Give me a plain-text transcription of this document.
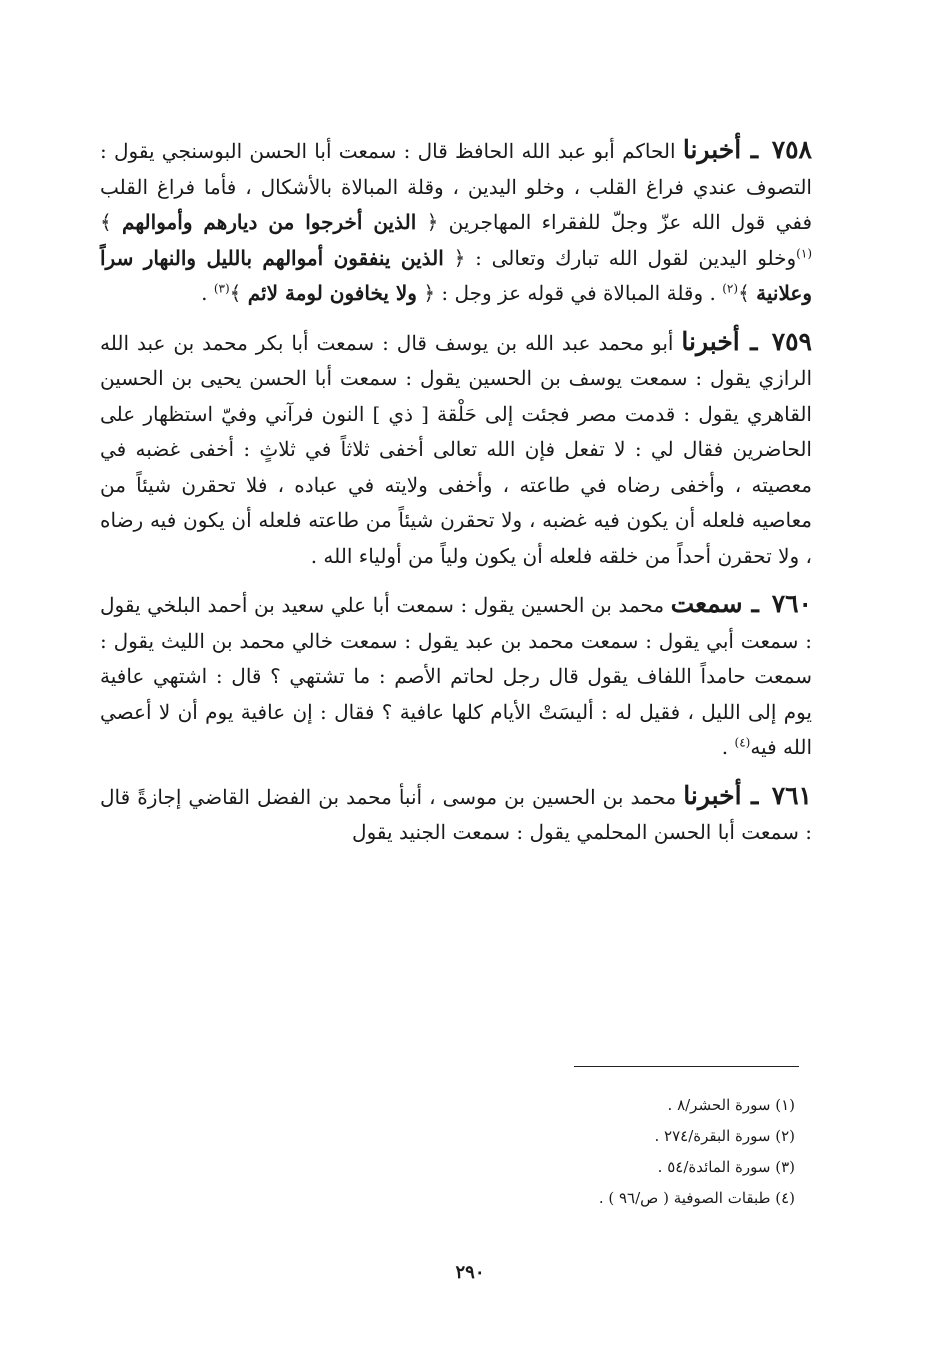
٧٥٨ ـ أخبرنا الحاكم أبو عبد الله الحافظ قال : سمعت أبا الحسن البوسنجي يقول : التصوف عندي فراغ القلب ، وخلو اليدين ، وقلة المبالاة بالأشكال ، فأما فراغ القلب ففي قول الله عزّ وجلّ للفقراء المهاجرين ﴿ الذين أخرجوا من ديارهم وأموالهم ﴾$^{(١)}$وخلو اليدين لقول الله تبارك وتعالى : ﴿ الذين ينفقون أموالهم بالليل والنهار سراً وعلانية ﴾$^{(٢)}$ . وقلة المبالاة في قوله عز وجل : ﴿ ولا يخافون لومة لائم ﴾$^{(٣)}$ .

٧٥٩ ـ أخبرنا أبو محمد عبد الله بن يوسف قال : سمعت أبا بكر محمد بن عبد الله الرازي يقول : سمعت يوسف بن الحسين يقول : سمعت أبا الحسن يحيى بن الحسين القاهري يقول : قدمت مصر فجئت إلى حَلْقة [ ذي ] النون فرآني وفيّ استظهار على الحاضرين فقال لي : لا تفعل فإن الله تعالى أخفى ثلاثاً في ثلاثٍ : أخفى غضبه في معصيته ، وأخفى رضاه في طاعته ، وأخفى ولايته في عباده ، فلا تحقرن شيئاً من معاصيه فلعله أن يكون فيه غضبه ، ولا تحقرن شيئاً من طاعته فلعله أن يكون فيه رضاه ، ولا تحقرن أحداً من خلقه فلعله أن يكون ولياً من أولياء الله .

٧٦٠ ـ سمعت محمد بن الحسين يقول : سمعت أبا علي سعيد بن أحمد البلخي يقول : سمعت أبي يقول : سمعت محمد بن عبد يقول : سمعت خالي محمد بن الليث يقول : سمعت حامداً اللفاف يقول قال رجل لحاتم الأصم : ما تشتهي ؟ قال : اشتهي عافية يوم إلى الليل ، فقيل له : أليسَتْ الأيام كلها عافية ؟ فقال : إن عافية يوم أن لا أعصي الله فيه$^{(٤)}$ .

٧٦١ ـ أخبرنا محمد بن الحسين بن موسى ، أنبأ محمد بن الفضل القاضي إجازةً قال : سمعت أبا الحسن المحلمي يقول : سمعت الجنيد يقول

(١) سورة الحشر/٨ .

(٢) سورة البقرة/٢٧٤ .

(٣) سورة المائدة/٥٤ .

(٤) طبقات الصوفية ( ص/٩٦ ) .

٢٩٠
